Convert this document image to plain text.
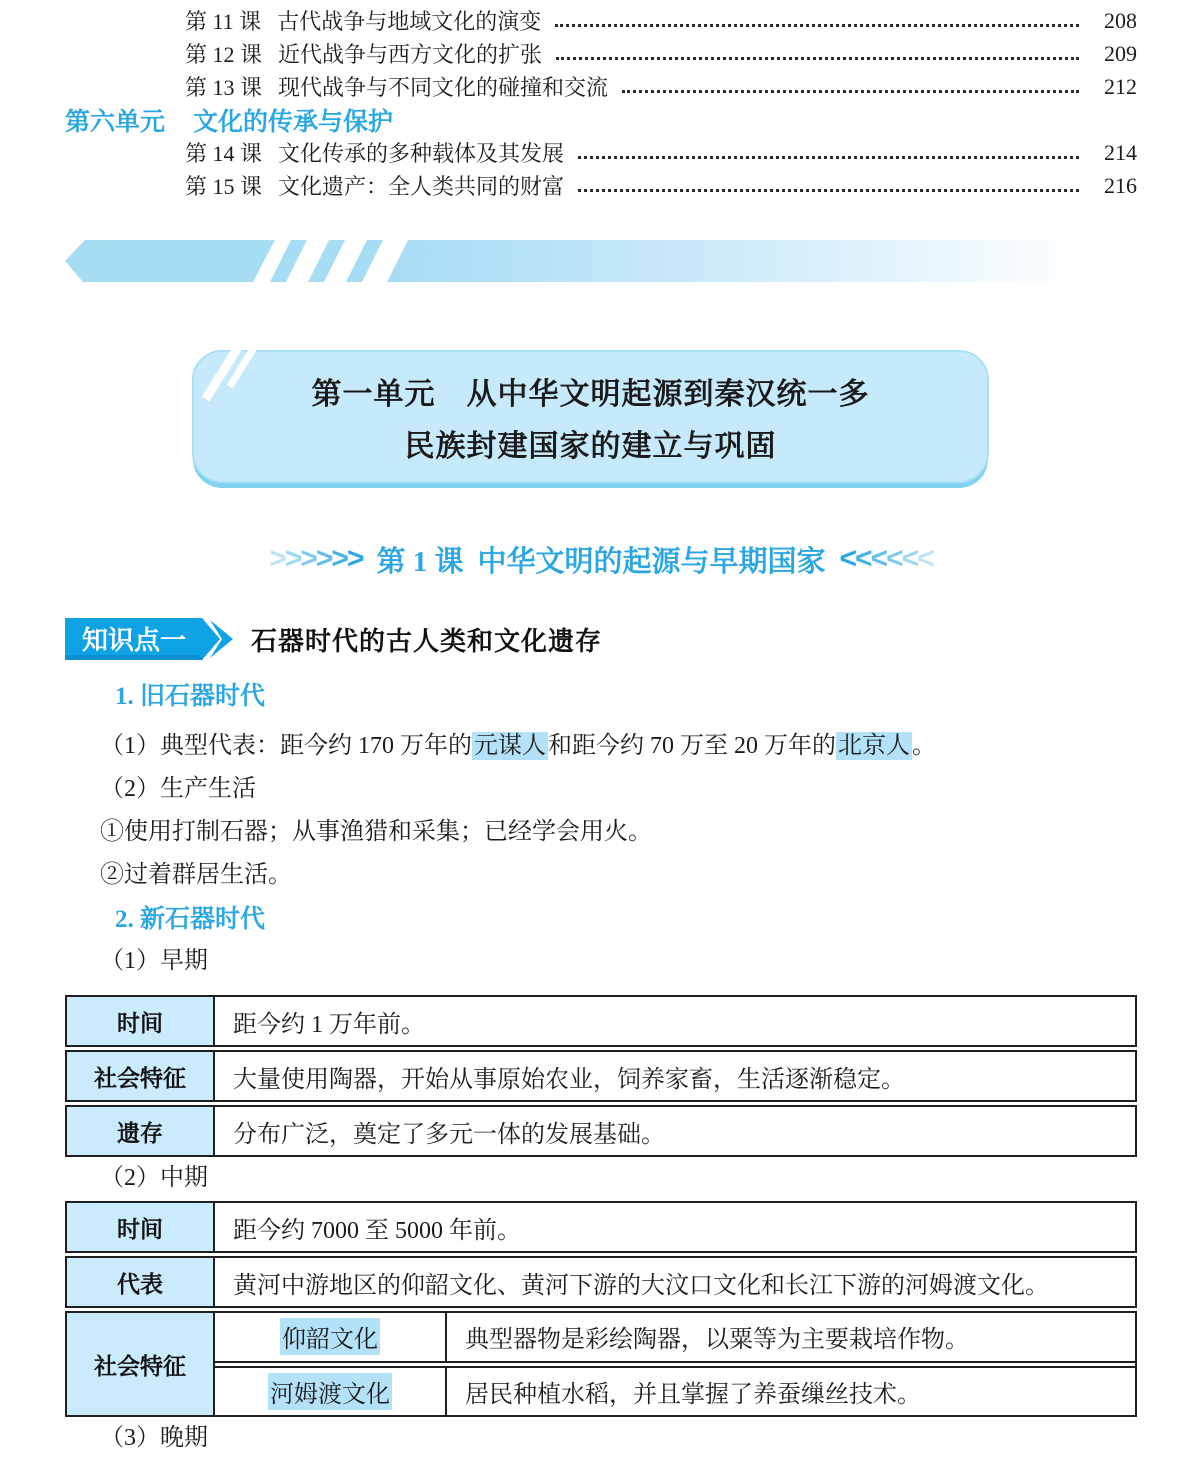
第 11 课 古代战争与地域文化的演变	208
第 12 课 近代战争与西方文化的扩张	209
第 13 课 现代战争与不同文化的碰撞和交流	212
第六单元 文化的传承与保护
第 14 课 文化传承的多种载体及其发展	214
第 15 课 文化遗产：全人类共同的财富	216
第一单元　从中华文明起源到秦汉统一多
民族封建国家的建立与巩固
>>>>>> 第 1 课 中华文明的起源与早期国家 <<<<<<
知识点一	石器时代的古人类和文化遗存
1. 旧石器时代
（1）典型代表：距今约 170 万年的元谋人和距今约 70 万至 20 万年的北京人。
（2）生产生活
①使用打制石器；从事渔猎和采集；已经学会用火。
②过着群居生活。
2. 新石器时代
（1）早期
时间	距今约 1 万年前。
社会特征	大量使用陶器，开始从事原始农业，饲养家畜，生活逐渐稳定。
遗存	分布广泛，奠定了多元一体的发展基础。
（2）中期
时间	距今约 7000 至 5000 年前。
代表	黄河中游地区的仰韶文化、黄河下游的大汶口文化和长江下游的河姆渡文化。
社会特征
仰韶文化	典型器物是彩绘陶器，以粟等为主要栽培作物。
河姆渡文化	居民种植水稻，并且掌握了养蚕缫丝技术。
（3）晚期
